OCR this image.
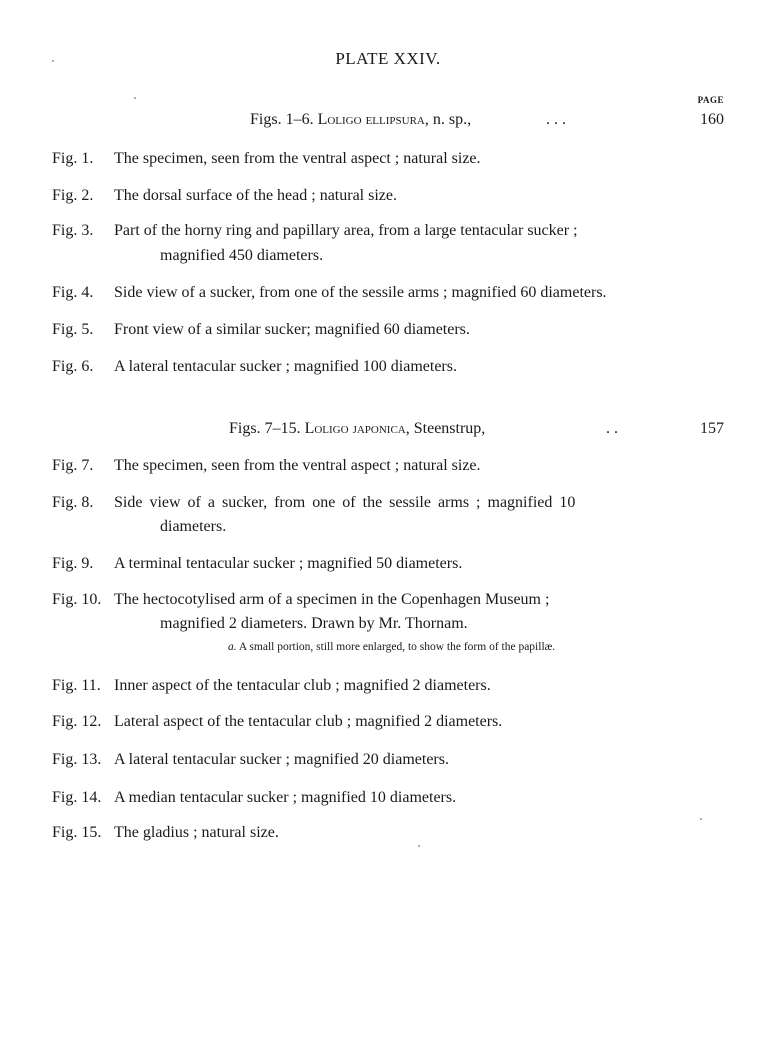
PLATE XXIV.
PAGE
Figs. 1–6. Loligo ellipsura, n. sp.,	. . .	160
Fig. 1. The specimen, seen from the ventral aspect ; natural size.
Fig. 2. The dorsal surface of the head ; natural size.
Fig. 3. Part of the horny ring and papillary area, from a large tentacular sucker ;
magnified 450 diameters.
Fig. 4. Side view of a sucker, from one of the sessile arms ; magnified 60 diameters.
Fig. 5. Front view of a similar sucker; magnified 60 diameters.
Fig. 6. A lateral tentacular sucker ; magnified 100 diameters.
Figs. 7–15. Loligo japonica, Steenstrup,	. .	157
Fig. 7. The specimen, seen from the ventral aspect ; natural size.
Fig. 8. Side view of a sucker, from one of the sessile arms ; magnified 10
diameters.
Fig. 9. A terminal tentacular sucker ; magnified 50 diameters.
Fig. 10. The hectocotylised arm of a specimen in the Copenhagen Museum ;
magnified 2 diameters. Drawn by Mr. Thornam.
a. A small portion, still more enlarged, to show the form of the papillæ.
Fig. 11. Inner aspect of the tentacular club ; magnified 2 diameters.
Fig. 12. Lateral aspect of the tentacular club ; magnified 2 diameters.
Fig. 13. A lateral tentacular sucker ; magnified 20 diameters.
Fig. 14. A median tentacular sucker ; magnified 10 diameters.
Fig. 15. The gladius ; natural size.
